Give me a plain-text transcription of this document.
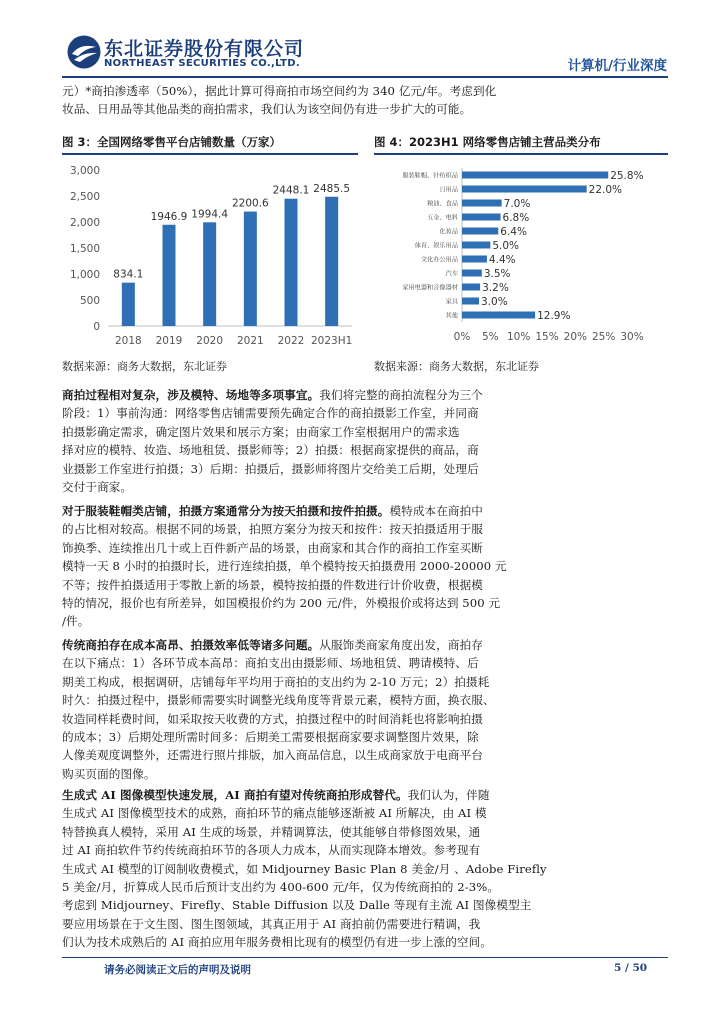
东北证券股份有限公司
NORTHEAST SECURITIES CO.,LTD.	计算机/行业深度
元）*商拍渗透率（50%），据此计算可得商拍市场空间约为 340 亿元/年。考虑到化
妆品、日用品等其他品类的商拍需求，我们认为该空间仍有进一步扩大的可能。
图 3：全国网络零售平台店铺数量（万家）
0
500
1,000
1,500
2,000
2,500
3,000
834.1
2018
1946.9
2019
1994.4
2020
2200.6
2021
2448.1
2022
2485.5
2023H1
数据来源：商务大数据，东北证券
图 4：2023H1 网络零售店铺主营品类分布
服装鞋帽、针纺织品	25.8%
日用品	22.0%
粮油、食品	7.0%
五金、电料	6.8%
化妆品	6.4%
体育、娱乐用品	5.0%
文化办公用品	4.4%
汽车 3.5%
家用电器和音像器材 3.2%
家具 3.0%
其他	12.9%
0% 5% 10% 15% 20% 25% 30%
数据来源：商务大数据，东北证券
商拍过程相对复杂，涉及模特、场地等多项事宜。我们将完整的商拍流程分为三个
阶段：1）事前沟通：网络零售店铺需要预先确定合作的商拍摄影工作室，并同商
拍摄影确定需求，确定图片效果和展示方案；由商家工作室根据用户的需求选
择对应的模特、妆造、场地租赁、摄影师等；2）拍摄：根据商家提供的商品，商
业摄影工作室进行拍摄；3）后期：拍摄后，摄影师将图片交给美工后期，处理后
交付于商家。
对于服装鞋帽类店铺，拍摄方案通常分为按天拍摄和按件拍摄。模特成本在商拍中
的占比相对较高。根据不同的场景，拍照方案分为按天和按件：按天拍摄适用于服
饰换季、连续推出几十或上百件新产品的场景，由商家和其合作的商拍工作室买断
模特一天 8 小时的拍摄时长，进行连续拍摄，单个模特按天拍摄费用 2000-20000 元
不等；按件拍摄适用于零散上新的场景，模特按拍摄的件数进行计价收费，根据模
特的情况，报价也有所差异，如国模报价约为 200 元/件，外模报价或将达到 500 元
/件。
传统商拍存在成本高昂、拍摄效率低等诸多问题。从服饰类商家角度出发，商拍存
在以下痛点：1）各环节成本高昂：商拍支出由摄影师、场地租赁、聘请模特、后
期美工构成，根据调研，店铺每年平均用于商拍的支出约为 2-10 万元；2）拍摄耗
时久：拍摄过程中，摄影师需要实时调整光线角度等背景元素，模特方面，换衣服、
妆造同样耗费时间，如采取按天收费的方式，拍摄过程中的时间消耗也将影响拍摄
的成本；3）后期处理所需时间多：后期美工需要根据商家要求调整图片效果，除
人像美观度调整外，还需进行照片排版，加入商品信息，以生成商家放于电商平台
购买页面的图像。
生成式 AI 图像模型快速发展，AI 商拍有望对传统商拍形成替代。我们认为，伴随
生成式 AI 图像模型技术的成熟，商拍环节的痛点能够逐渐被 AI 所解决，由 AI 模
特替换真人模特，采用 AI 生成的场景，并精调算法，使其能够自带修图效果，通
过 AI 商拍软件节约传统商拍环节的各项人力成本，从而实现降本增效。参考现有
生成式 AI 模型的订阅制收费模式，如 Midjourney Basic Plan 8 美金/月 、Adobe Firefly
5 美金/月，折算成人民币后预计支出约为 400-600 元/年，仅为传统商拍的 2-3%。
考虑到 Midjourney、Firefly、Stable Diffusion 以及 Dalle 等现有主流 AI 图像模型主
要应用场景在于文生图、图生图领域，其真正用于 AI 商拍前仍需要进行精调，我
们认为技术成熟后的 AI 商拍应用年服务费相比现有的模型仍有进一步上涨的空间。
请务必阅读正文后的声明及说明	5 / 50
